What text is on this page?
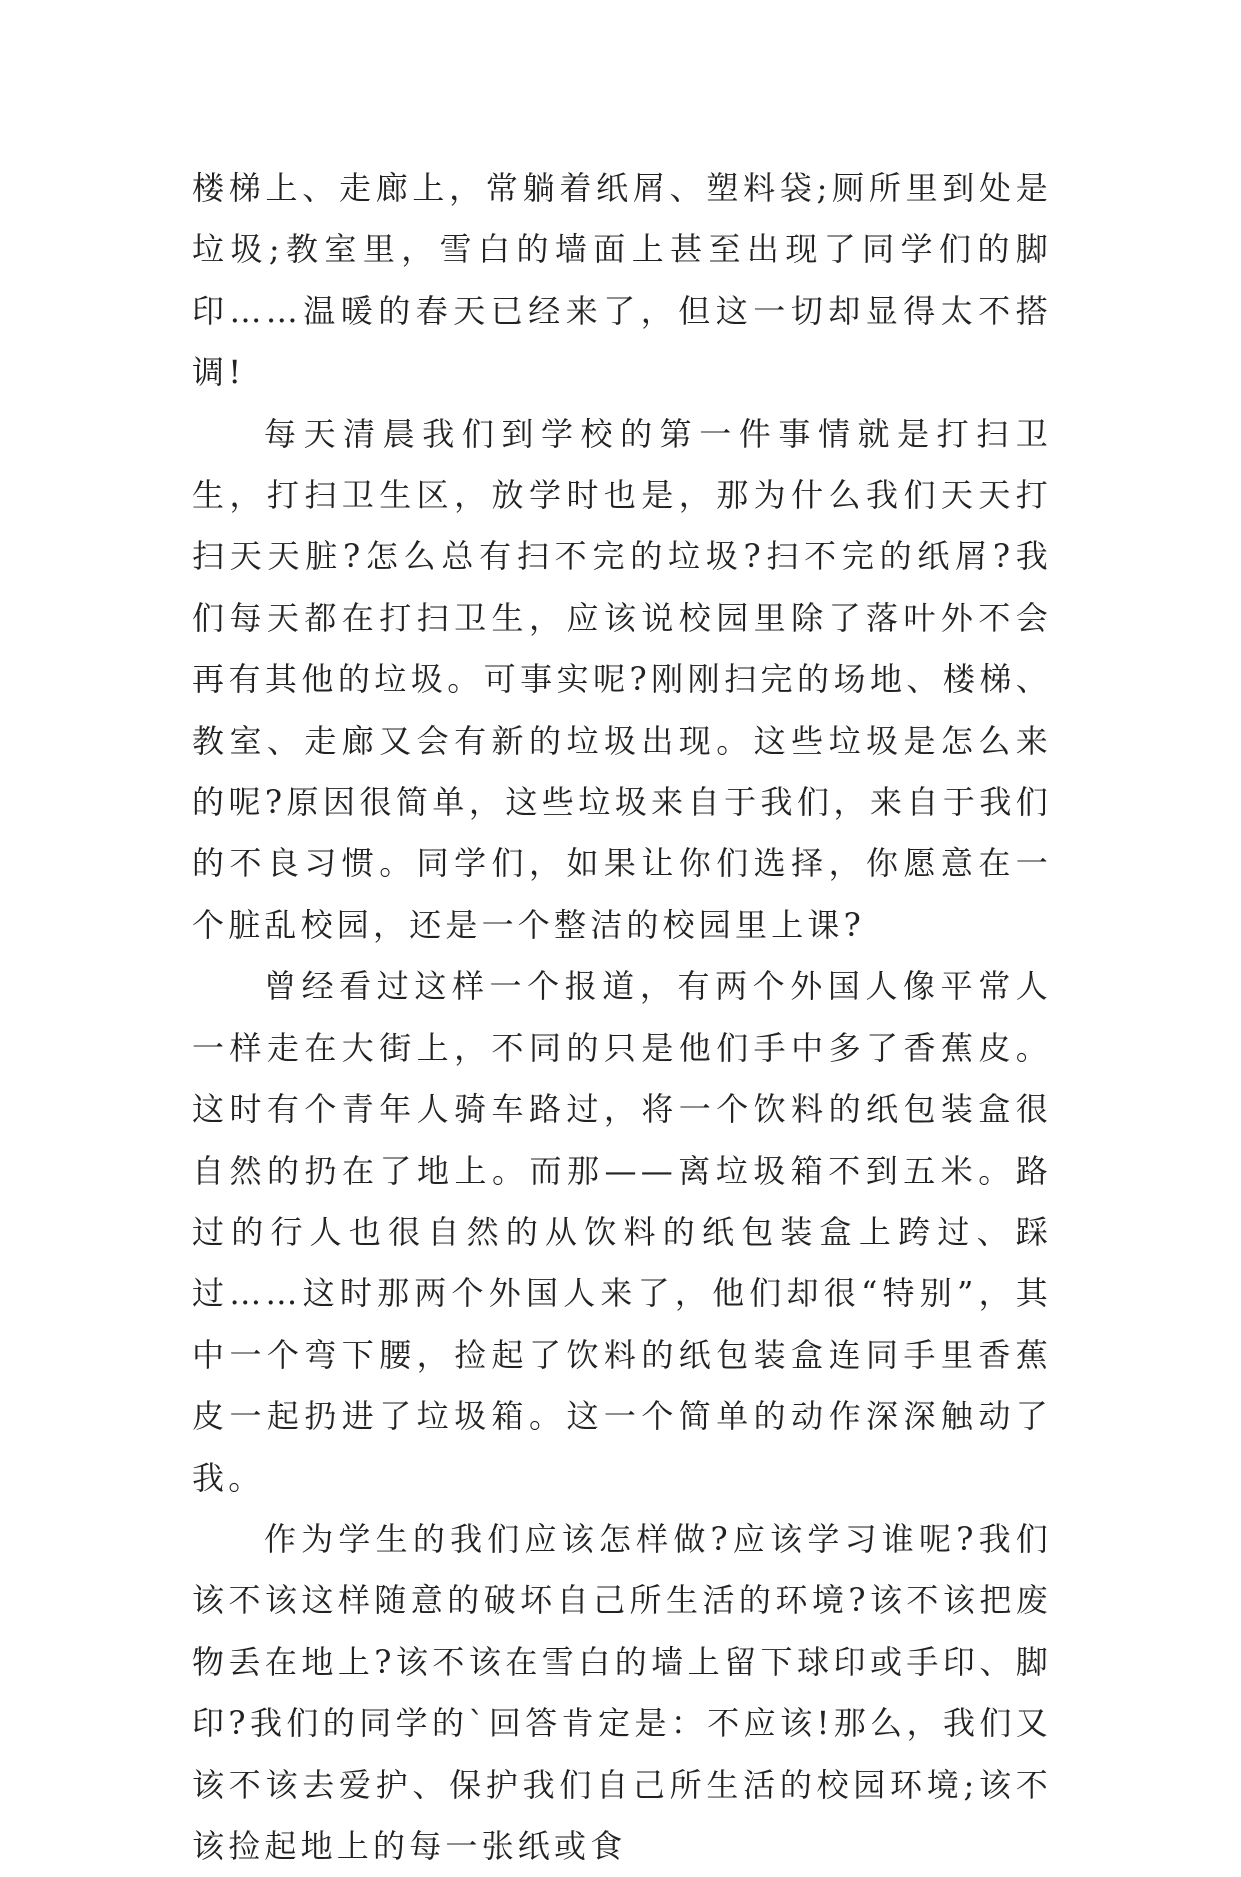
楼梯上、走廊上，常躺着纸屑、塑料袋;厕所里到处是垃圾;教室里，雪白的墙面上甚至出现了同学们的脚印……温暖的春天已经来了，但这一切却显得太不搭调!

每天清晨我们到学校的第一件事情就是打扫卫生，打扫卫生区，放学时也是，那为什么我们天天打扫天天脏?怎么总有扫不完的垃圾?扫不完的纸屑?我们每天都在打扫卫生，应该说校园里除了落叶外不会再有其他的垃圾。可事实呢?刚刚扫完的场地、楼梯、教室、走廊又会有新的垃圾出现。这些垃圾是怎么来的呢?原因很简单，这些垃圾来自于我们，来自于我们的不良习惯。同学们，如果让你们选择，你愿意在一个脏乱校园，还是一个整洁的校园里上课?

曾经看过这样一个报道，有两个外国人像平常人一样走在大街上，不同的只是他们手中多了香蕉皮。这时有个青年人骑车路过，将一个饮料的纸包装盒很自然的扔在了地上。而那——离垃圾箱不到五米。路过的行人也很自然的从饮料的纸包装盒上跨过、踩过……这时那两个外国人来了，他们却很“特别”，其中一个弯下腰，捡起了饮料的纸包装盒连同手里香蕉皮一起扔进了垃圾箱。这一个简单的动作深深触动了我。

作为学生的我们应该怎样做?应该学习谁呢?我们该不该这样随意的破坏自己所生活的环境?该不该把废物丢在地上?该不该在雪白的墙上留下球印或手印、脚印?我们的同学的`回答肯定是：不应该!那么，我们又该不该去爱护、保护我们自己所生活的校园环境;该不该捡起地上的每一张纸或食
